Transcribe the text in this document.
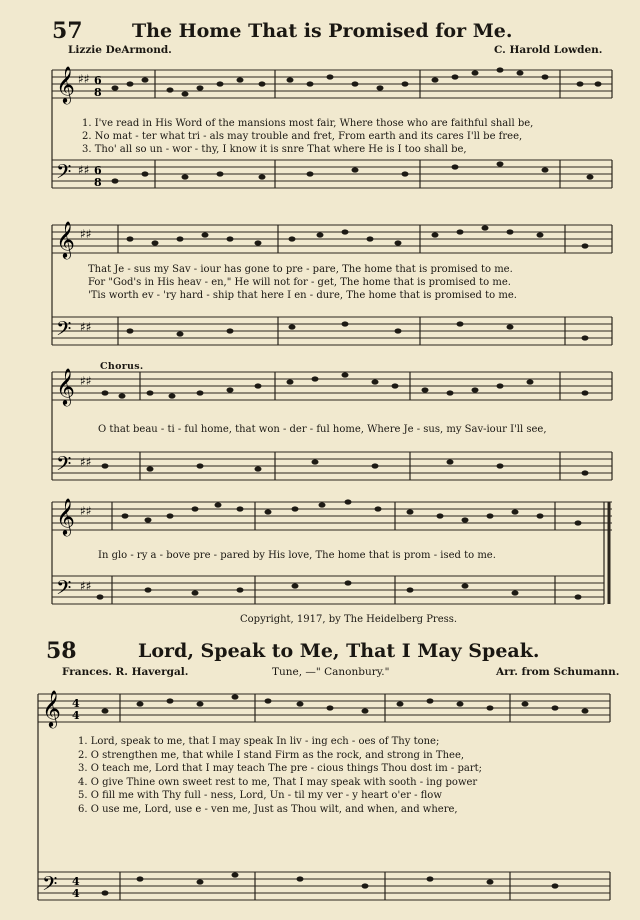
57	The Home That is Promised for Me.
Lizzie DeArmond.	C. Harold Lowden.
𝄞 ♯♯ 6
8
𝄢 ♯♯ 6
8
1. I've read in His Word of the mansions most fair, Where those who are faithful shall be,
2. No mat - ter what tri - als may trouble and fret, From earth and its cares I'll be free,
3. Tho' all so un - wor - thy, I know it is snre That where He is I too shall be,
𝄞 ♯♯
𝄢 ♯♯
That Je - sus my Sav - iour has gone to pre - pare, The home that is promised to me.
For "God's in His heav - en," He will not for - get, The home that is promised to me.
'Tis worth ev - 'ry hard - ship that here I en - dure, The home that is promised to me.
Chorus.
𝄞 ♯♯
𝄢 ♯♯
O that beau - ti - ful home, that won - der - ful home, Where Je - sus, my Sav-iour I'll see,
𝄞 ♯♯
𝄢 ♯♯
In glo - ry a - bove pre - pared by His love, The home that is prom - ised to me.
Copyright, 1917, by The Heidelberg Press.
58	Lord, Speak to Me, That I May Speak.
Frances. R. Havergal.	Tune, —" Canonbury."	Arr. from Schumann.
𝄞 4
4
𝄢 4
4
1. Lord, speak to me, that I may speak In liv - ing ech - oes of Thy tone;
2. O strengthen me, that while I stand Firm as the rock, and strong in Thee,
3. O teach me, Lord that I may teach The pre - cious things Thou dost im - part;
4. O give Thine own sweet rest to me, That I may speak with sooth - ing power
5. O fill me with Thy full - ness, Lord, Un - til my ver - y heart o'er - flow
6. O use me, Lord, use e - ven me, Just as Thou wilt, and when, and where,
